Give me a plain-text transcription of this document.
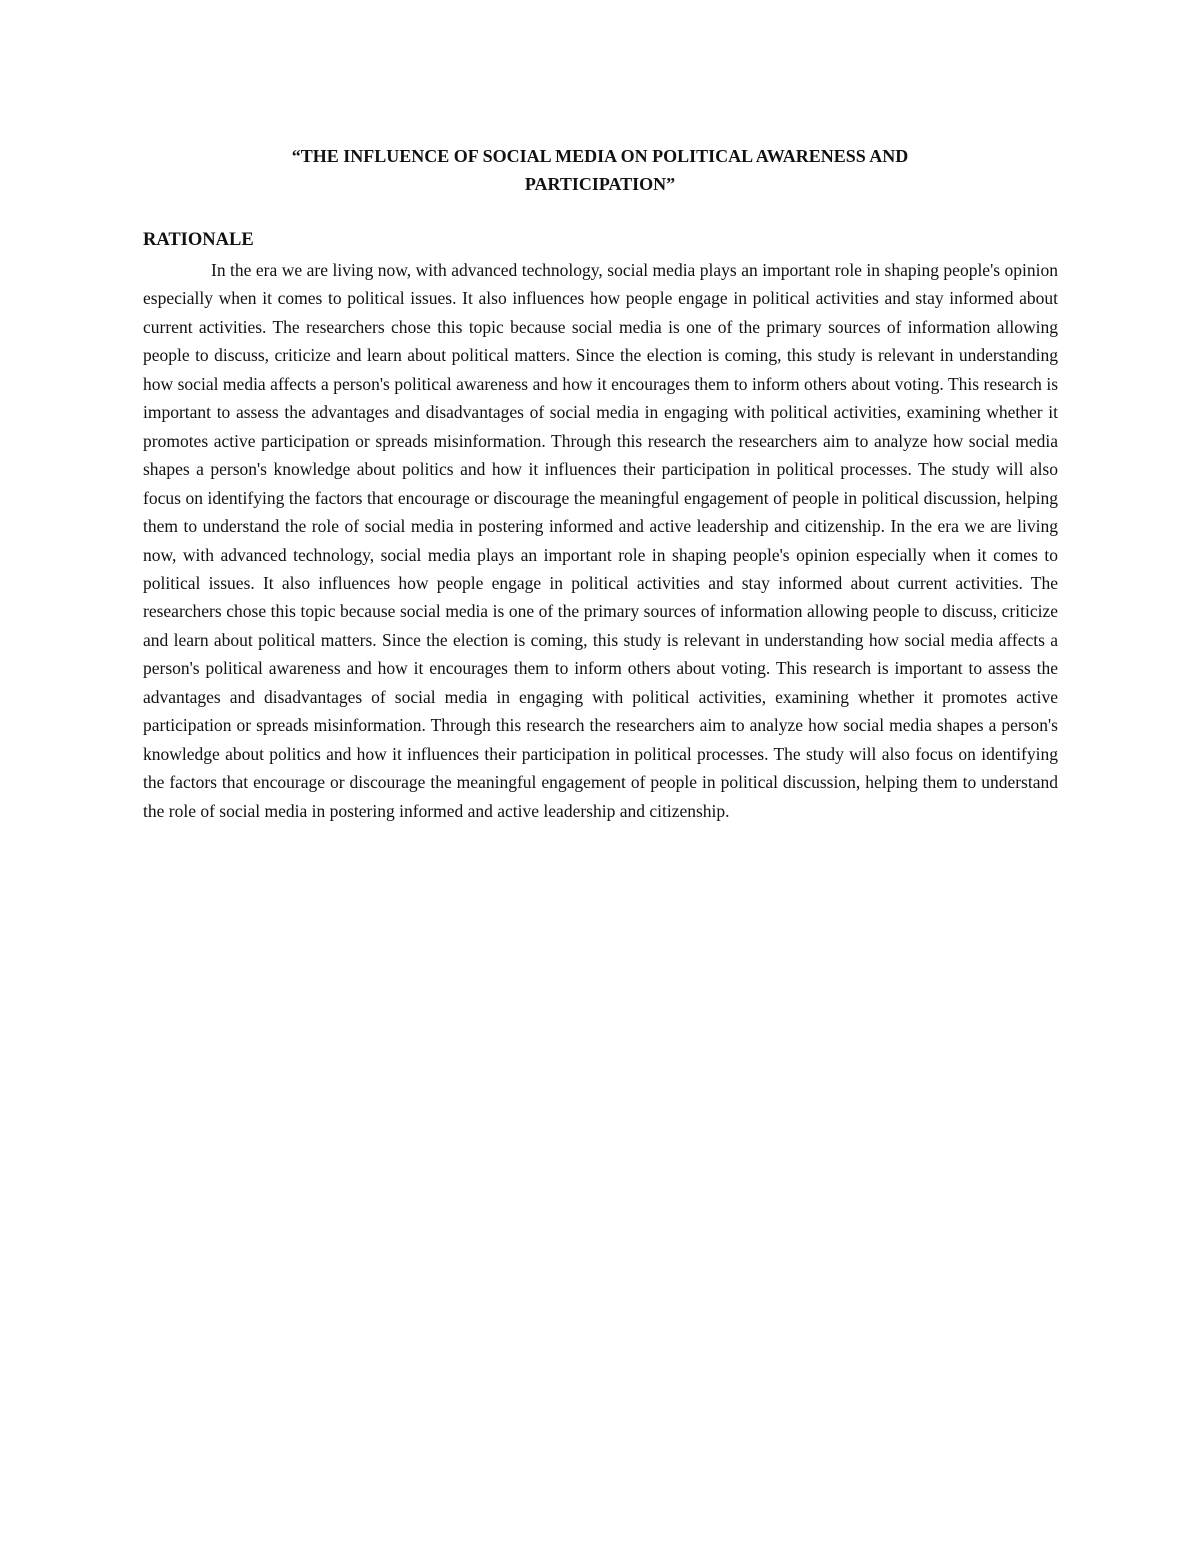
“THE INFLUENCE OF SOCIAL MEDIA ON POLITICAL AWARENESS AND
PARTICIPATION”
RATIONALE

In the era we are living now, with advanced technology, social media plays an important role in shaping people's opinion especially when it comes to political issues. It also influences how people engage in political activities and stay informed about current activities. The researchers chose this topic because social media is one of the primary sources of information allowing people to discuss, criticize and learn about political matters. Since the election is coming, this study is relevant in understanding how social media affects a person's political awareness and how it encourages them to inform others about voting. This research is important to assess the advantages and disadvantages of social media in engaging with political activities, examining whether it promotes active participation or spreads misinformation. Through this research the researchers aim to analyze how social media shapes a person's knowledge about politics and how it influences their participation in political processes. The study will also focus on identifying the factors that encourage or discourage the meaningful engagement of people in political discussion, helping them to understand the role of social media in postering informed and active leadership and citizenship. In the era we are living now, with advanced technology, social media plays an important role in shaping people's opinion especially when it comes to political issues. It also influences how people engage in political activities and stay informed about current activities. The researchers chose this topic because social media is one of the primary sources of information allowing people to discuss, criticize and learn about political matters. Since the election is coming, this study is relevant in understanding how social media affects a person's political awareness and how it encourages them to inform others about voting. This research is important to assess the advantages and disadvantages of social media in engaging with political activities, examining whether it promotes active participation or spreads misinformation. Through this research the researchers aim to analyze how social media shapes a person's knowledge about politics and how it influences their participation in political processes. The study will also focus on identifying the factors that encourage or discourage the meaningful engagement of people in political discussion, helping them to understand the role of social media in postering informed and active leadership and citizenship.
